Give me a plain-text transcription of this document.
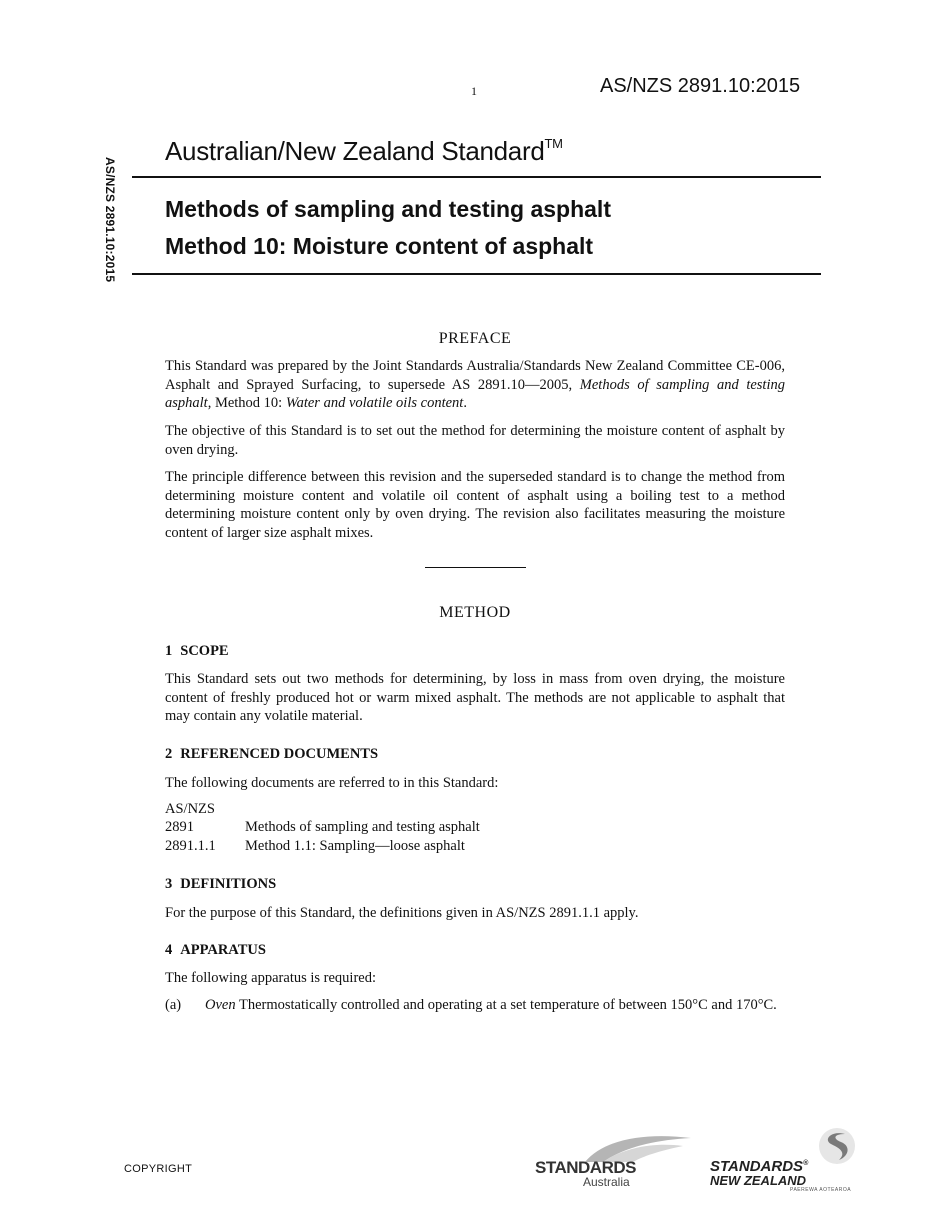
1	AS/NZS 2891.10:2015
AS/NZS 2891.10:2015
Australian/New Zealand Standard™
Methods of sampling and testing asphalt
Method 10: Moisture content of asphalt
PREFACE
This Standard was prepared by the Joint Standards Australia/Standards New Zealand Committee CE-006, Asphalt and Sprayed Surfacing, to supersede AS 2891.10—2005, Methods of sampling and testing asphalt, Method 10: Water and volatile oils content.
The objective of this Standard is to set out the method for determining the moisture content of asphalt by oven drying.
The principle difference between this revision and the superseded standard is to change the method from determining moisture content and volatile oil content of asphalt using a boiling test to a method determining moisture content only by oven drying. The revision also facilitates measuring the moisture content of larger size asphalt mixes.
METHOD
1 SCOPE
This Standard sets out two methods for determining, by loss in mass from oven drying, the moisture content of freshly produced hot or warm mixed asphalt. The methods are not applicable to asphalt that may contain any volatile material.
2 REFERENCED DOCUMENTS
The following documents are referred to in this Standard:
AS/NZS
2891	Methods of sampling and testing asphalt
2891.1.1 Method 1.1: Sampling—loose asphalt
3 DEFINITIONS
For the purpose of this Standard, the definitions given in AS/NZS 2891.1.1 apply.
4 APPARATUS
The following apparatus is required:
(a) Oven Thermostatically controlled and operating at a set temperature of between 150°C and 170°C.
COPYRIGHT	STANDARDS
Australia
STANDARDS®
NEW ZEALAND
PAEREWA AOTEAROA
